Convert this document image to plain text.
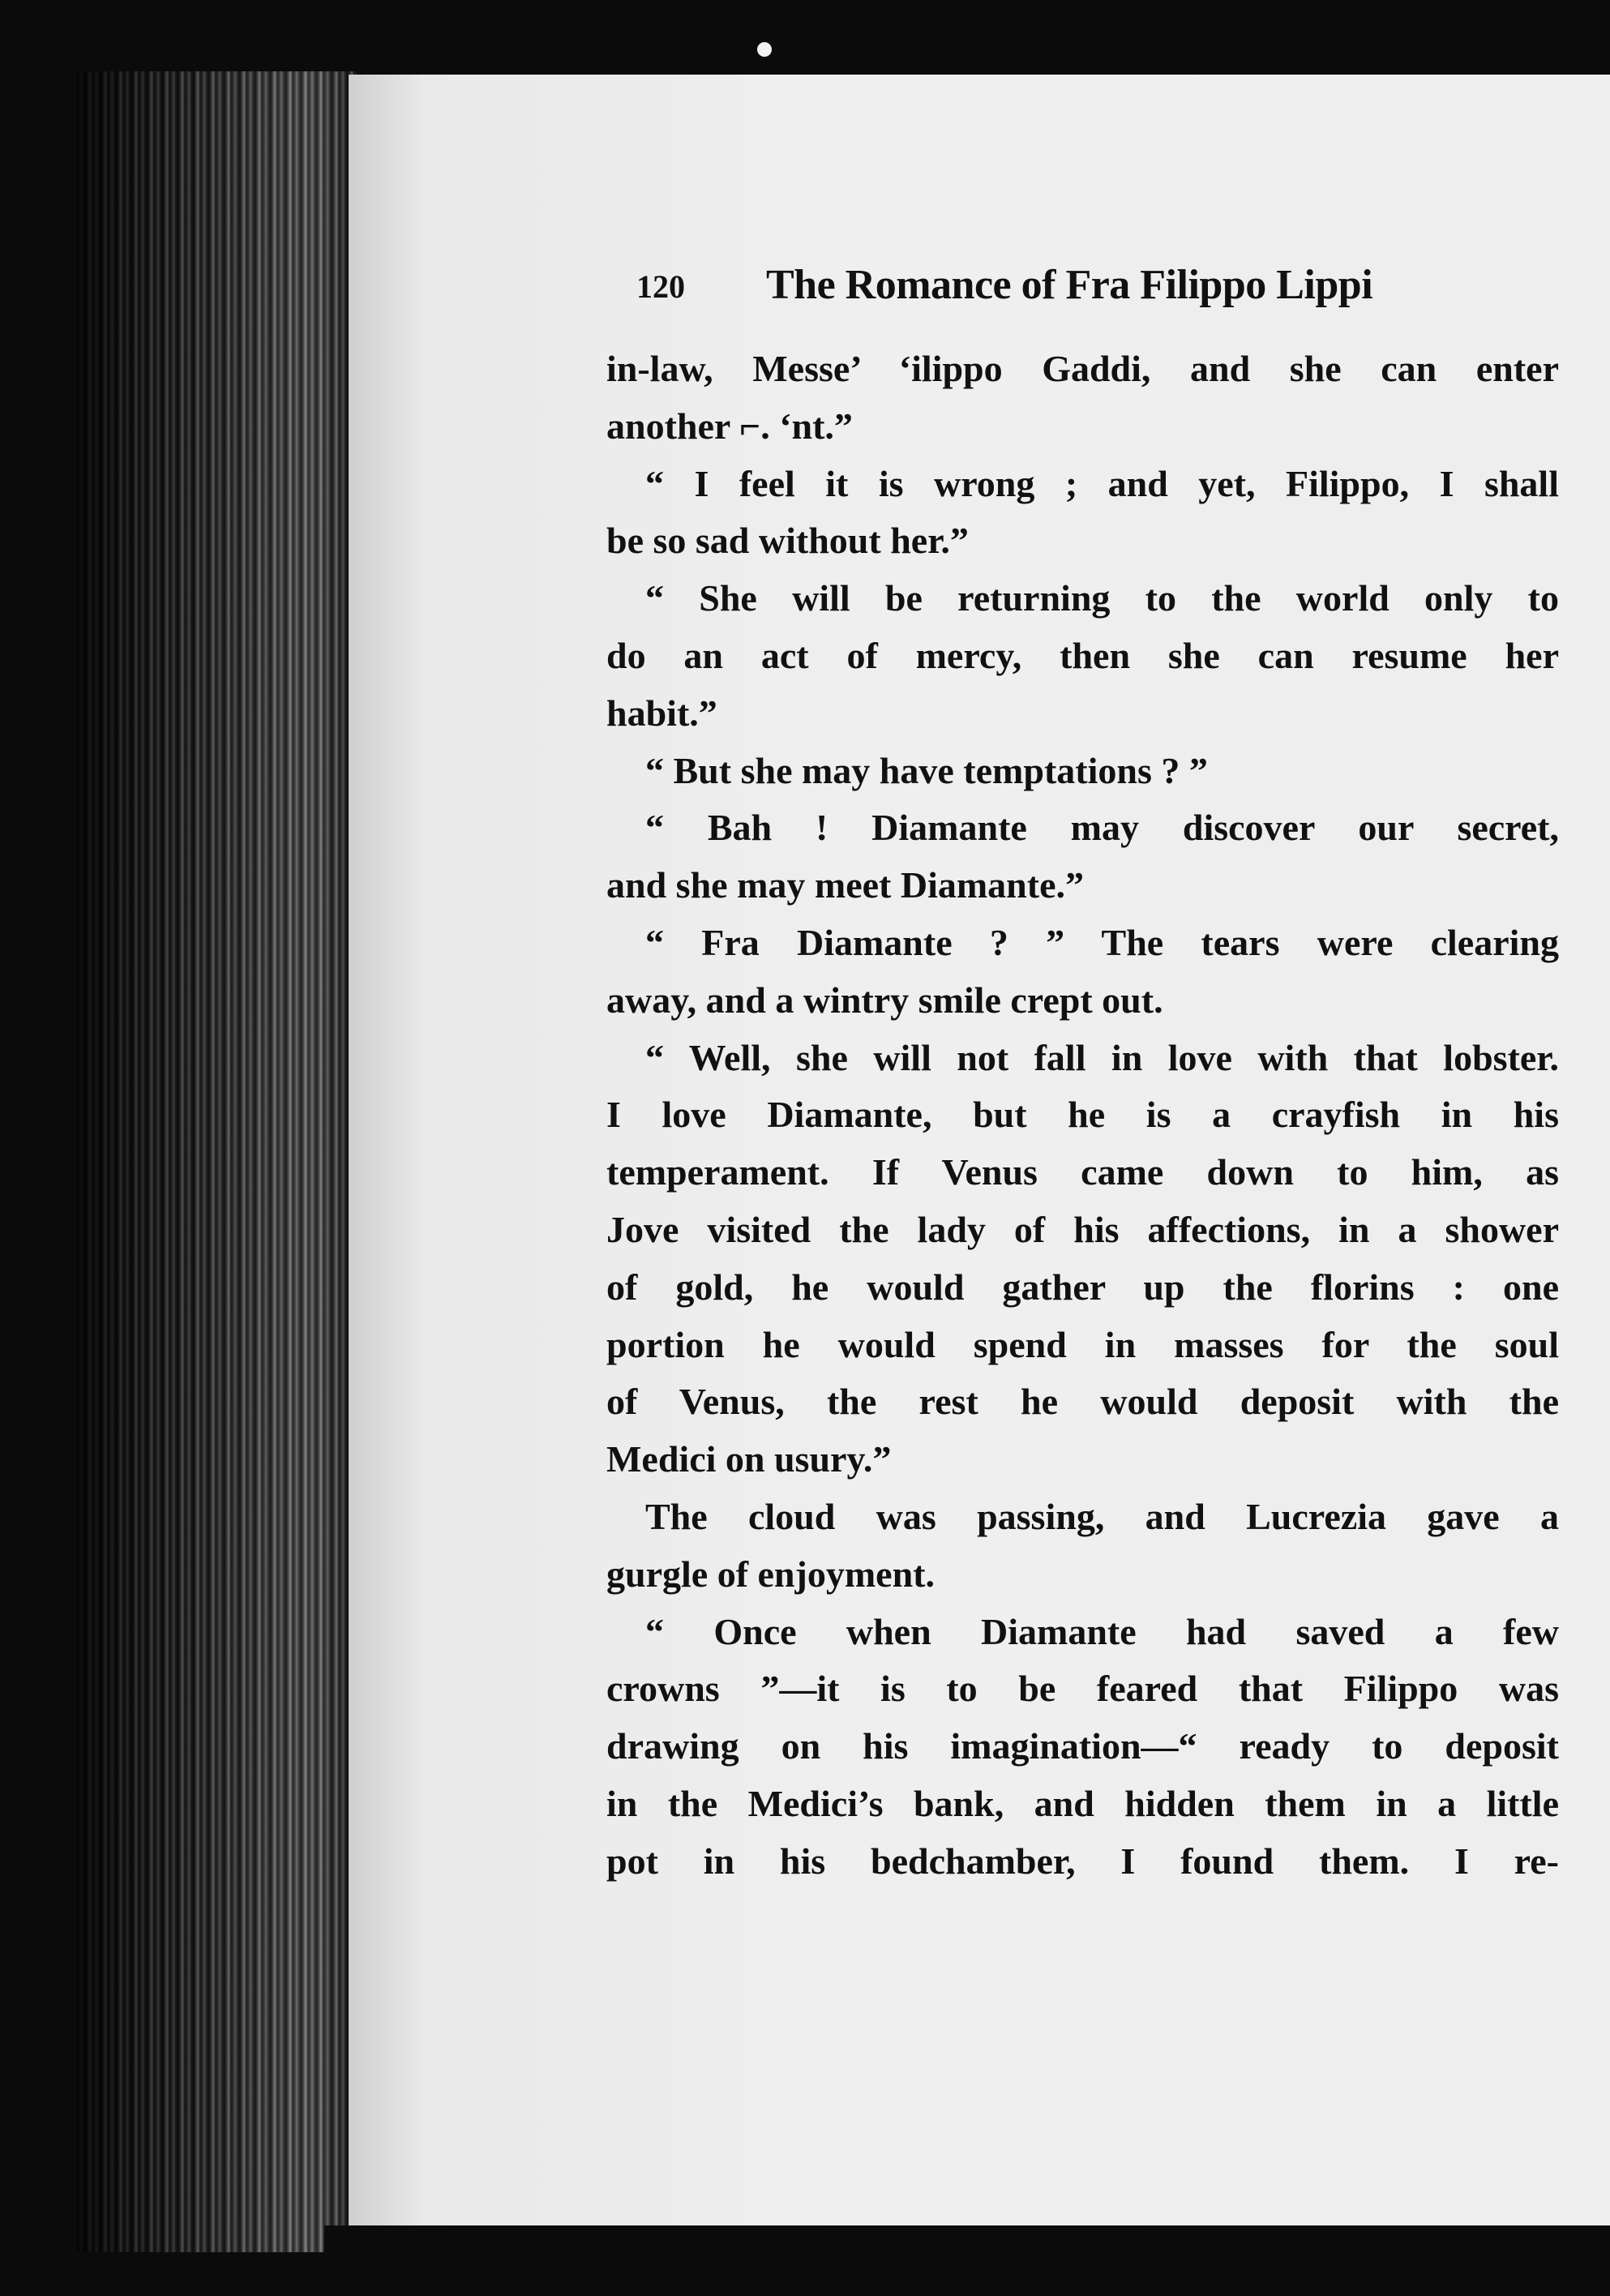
120 The Romance of Fra Filippo Lippi
in-law, Messe’ ‘ilippo Gaddi, and she can enter
another ⌐. ‘nt.”
“ I feel it is wrong ; and yet, Filippo, I shall
be so sad without her.”
“ She will be returning to the world only to
do an act of mercy, then she can resume her
habit.”
“ But she may have temptations ? ”
“ Bah ! Diamante may discover our secret,
and she may meet Diamante.”
“ Fra Diamante ? ” The tears were clearing
away, and a wintry smile crept out.
“ Well, she will not fall in love with that lobster.
I love Diamante, but he is a crayfish in his
temperament. If Venus came down to him, as
Jove visited the lady of his affections, in a shower
of gold, he would gather up the florins : one
portion he would spend in masses for the soul
of Venus, the rest he would deposit with the
Medici on usury.”
The cloud was passing, and Lucrezia gave a
gurgle of enjoyment.
“ Once when Diamante had saved a few
crowns ”—it is to be feared that Filippo was
drawing on his imagination—“ ready to deposit
in the Medici’s bank, and hidden them in a little
pot in his bedchamber, I found them. I re-
